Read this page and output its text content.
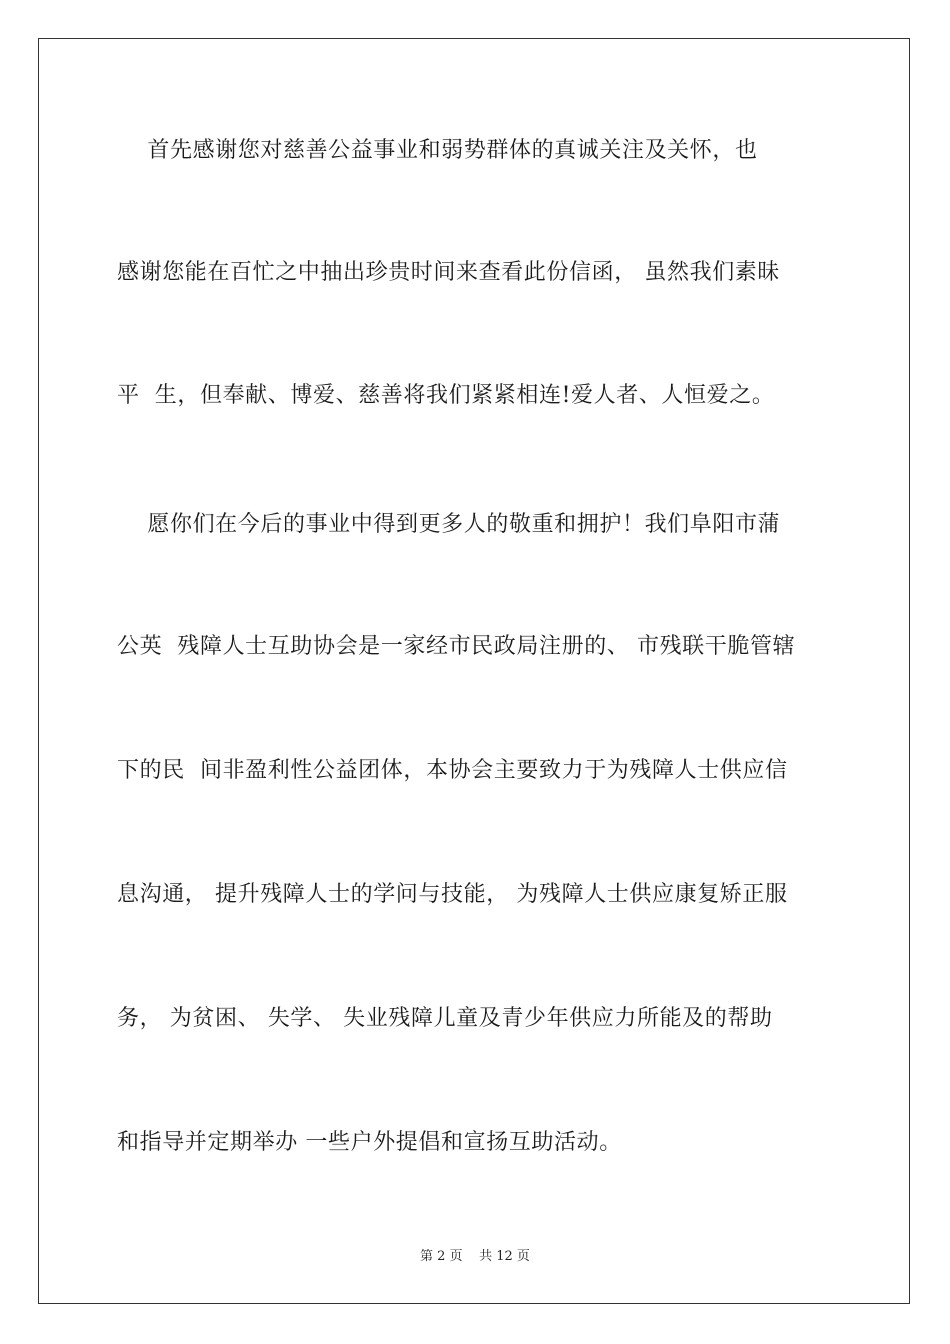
首先感谢您对慈善公益事业和弱势群体的真诚关注及关怀，也
感谢您能在百忙之中抽出珍贵时间来查看此份信函， 虽然我们素昧
平  生，但奉献、博爱、慈善将我们紧紧相连!爱人者、人恒爱之。
愿你们在今后的事业中得到更多人的敬重和拥护！我们阜阳市蒲
公英  残障人士互助协会是一家经市民政局注册的、 市残联干脆管辖
下的民  间非盈利性公益团体，本协会主要致力于为残障人士供应信
息沟通， 提升残障人士的学问与技能， 为残障人士供应康复矫正服
务， 为贫困、 失学、 失业残障儿童及青少年供应力所能及的帮助
和指导并定期举办 一些户外提倡和宣扬互助活动。
第 2 页 共 12 页
